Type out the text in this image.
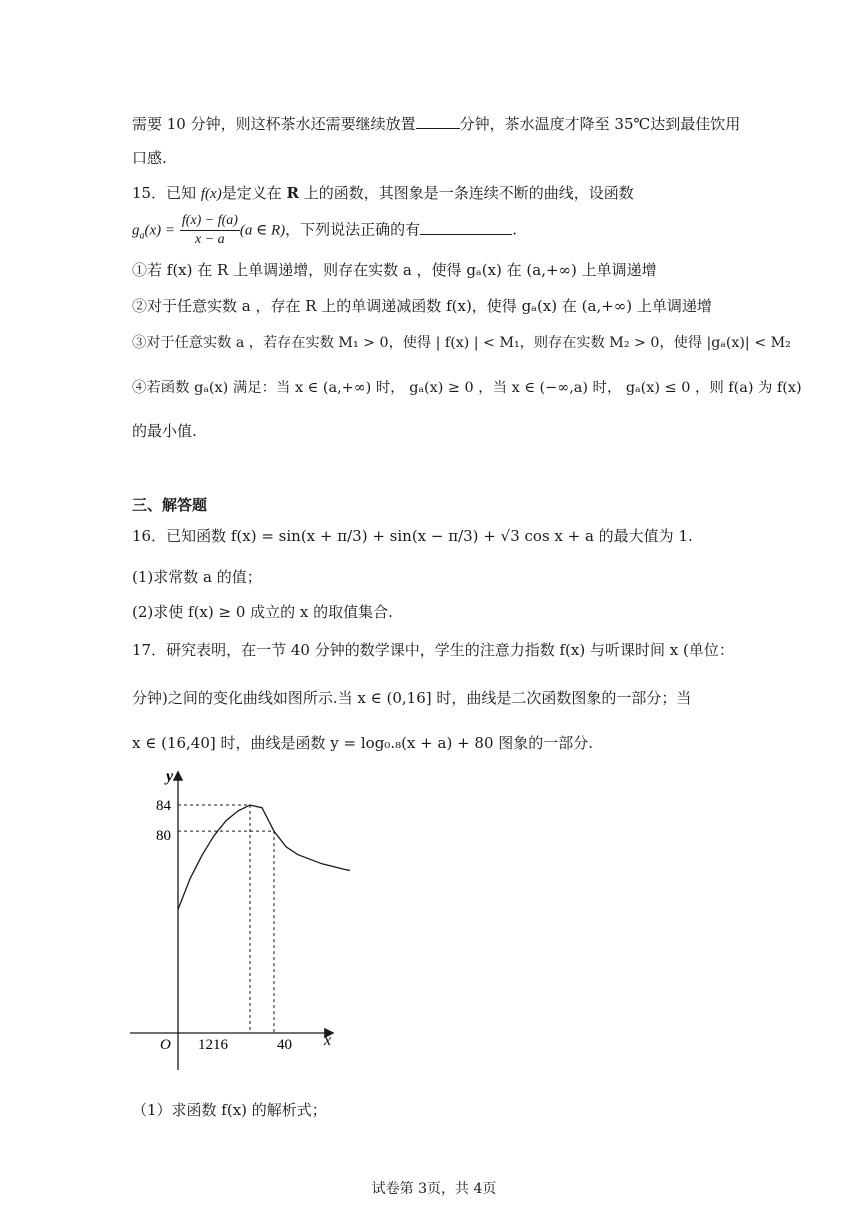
需要 10 分钟，则这杯茶水还需要继续放置	分钟，茶水温度才降至 35℃达到最佳饮用
口感.
15．已知 f(x)是定义在 R 上的函数，其图象是一条连续不断的曲线，设函数
$g_a(x) = \frac{f(x) - f(a)}{x - a} (a$ ∈ R)，下列说法正确的有	.
①若 f(x) 在 R 上单调递增，则存在实数 a ，使得 gₐ(x) 在 (a,+∞) 上单调递增
②对于任意实数 a ，存在 R 上的单调递减函数 f(x)，使得 gₐ(x) 在 (a,+∞) 上单调递增
③对于任意实数 a ，若存在实数 M₁ > 0，使得 | f(x) | < M₁，则存在实数 M₂ > 0，使得 |gₐ(x)| < M₂
④若函数 gₐ(x) 满足：当 x ∈ (a,+∞) 时， gₐ(x) ≥ 0 ，当 x ∈ (−∞,a) 时， gₐ(x) ≤ 0 ，则 f(a) 为 f(x)
的最小值.
三、解答题
16．已知函数 f(x) = sin(x + π/3) + sin(x − π/3) + √3 cos x + a 的最大值为 1.
(1)求常数 a 的值；
(2)求使 f(x) ≥ 0 成立的 x 的取值集合.
17．研究表明，在一节 40 分钟的数学课中，学生的注意力指数 f(x) 与听课时间 x (单位：
分钟)之间的变化曲线如图所示.当 x ∈ (0,16] 时，曲线是二次函数图象的一部分；当
x ∈ (16,40] 时，曲线是函数 y = log₀.₈(x + a) + 80 图象的一部分.
y
x
O
84
80
1216	40
（1）求函数 f(x) 的解析式；
试卷第 3页，共 4页
